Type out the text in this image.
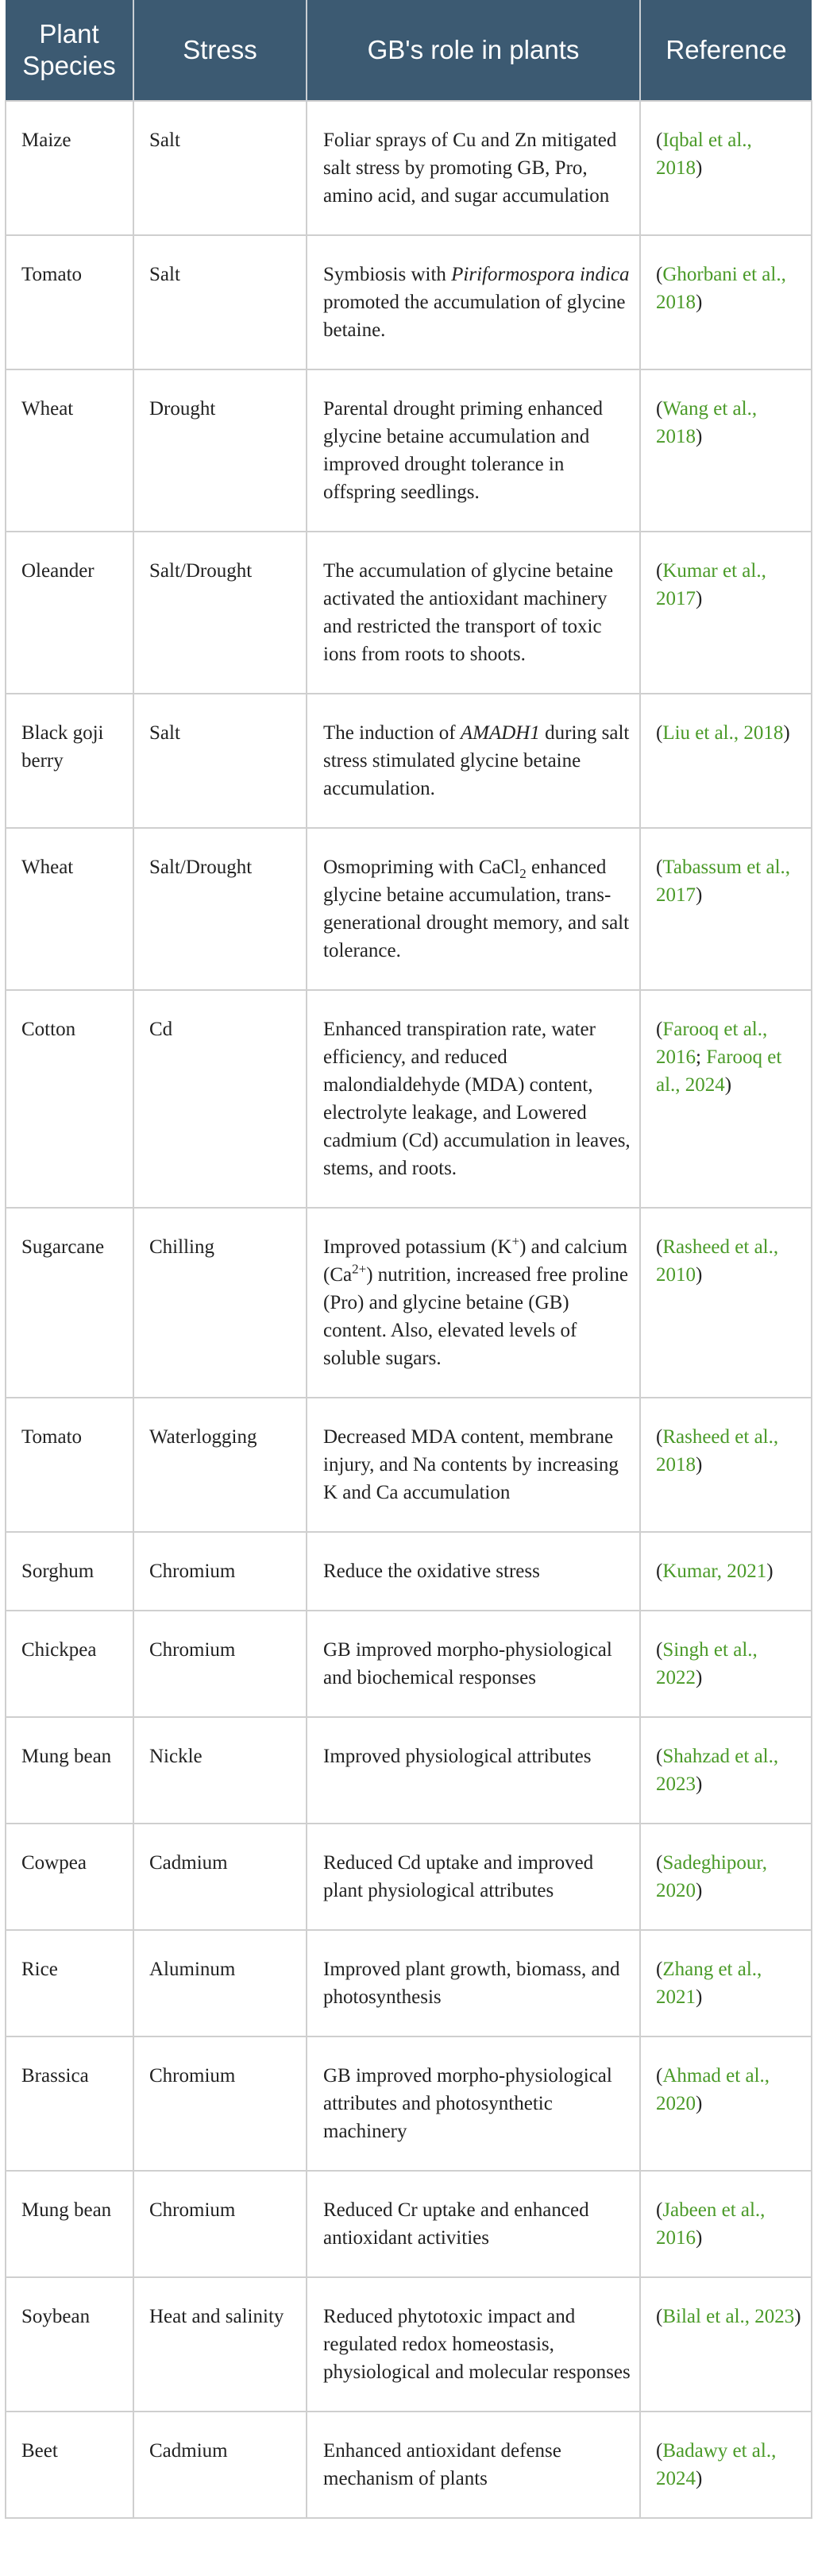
Plant Species	Stress	GB's role in plants	Reference
Maize	Salt	Foliar sprays of Cu and Zn mitigated salt stress by promoting GB, Pro, amino acid, and sugar accumulation	(Iqbal et al., 2018)
Tomato	Salt	Symbiosis with Piriformospora indica promoted the accumulation of glycine betaine.	(Ghorbani et al., 2018)
Wheat	Drought	Parental drought priming enhanced glycine betaine accumulation and improved drought tolerance in offspring seedlings.	(Wang et al., 2018)
Oleander	Salt/Drought	The accumulation of glycine betaine activated the antioxidant machinery and restricted the transport of toxic ions from roots to shoots.	(Kumar et al., 2017)
Black goji berry	Salt	The induction of AMADH1 during salt stress stimulated glycine betaine accumulation.	(Liu et al., 2018)
Wheat	Salt/Drought	Osmopriming with CaCl$_2$ enhanced glycine betaine accumulation, trans-generational drought memory, and salt tolerance.	(Tabassum et al., 2017)
Cotton	Cd	Enhanced transpiration rate, water efficiency, and reduced malondialdehyde (MDA) content, electrolyte leakage, and Lowered cadmium (Cd) accumulation in leaves, stems, and roots.	(Farooq et al., 2016; Farooq et al., 2024)
Sugarcane	Chilling	Improved potassium (K+) and calcium $(Ca^{2+})$ nutrition, increased free proline (Pro) and glycine betaine (GB) content. Also, elevated levels of soluble sugars.	(Rasheed et al., 2010)
Tomato	Waterlogging	Decreased MDA content, membrane injury, and Na contents by increasing K and Ca accumulation	(Rasheed et al., 2018)
Sorghum	Chromium	Reduce the oxidative stress	(Kumar, 2021)
Chickpea	Chromium	GB improved morpho-physiological and biochemical responses	(Singh et al., 2022)
Mung bean	Nickle	Improved physiological attributes	(Shahzad et al., 2023)
Cowpea	Cadmium	Reduced Cd uptake and improved plant physiological attributes	(Sadeghipour, 2020)
Rice	Aluminum	Improved plant growth, biomass, and photosynthesis	(Zhang et al., 2021)
Brassica	Chromium	GB improved morpho-physiological attributes and photosynthetic machinery	(Ahmad et al., 2020)
Mung bean	Chromium	Reduced Cr uptake and enhanced antioxidant activities	(Jabeen et al., 2016)
Soybean	Heat and salinity	Reduced phytotoxic impact and regulated redox homeostasis, physiological and molecular responses	(Bilal et al., 2023)
Beet	Cadmium	Enhanced antioxidant defense mechanism of plants	(Badawy et al., 2024)
